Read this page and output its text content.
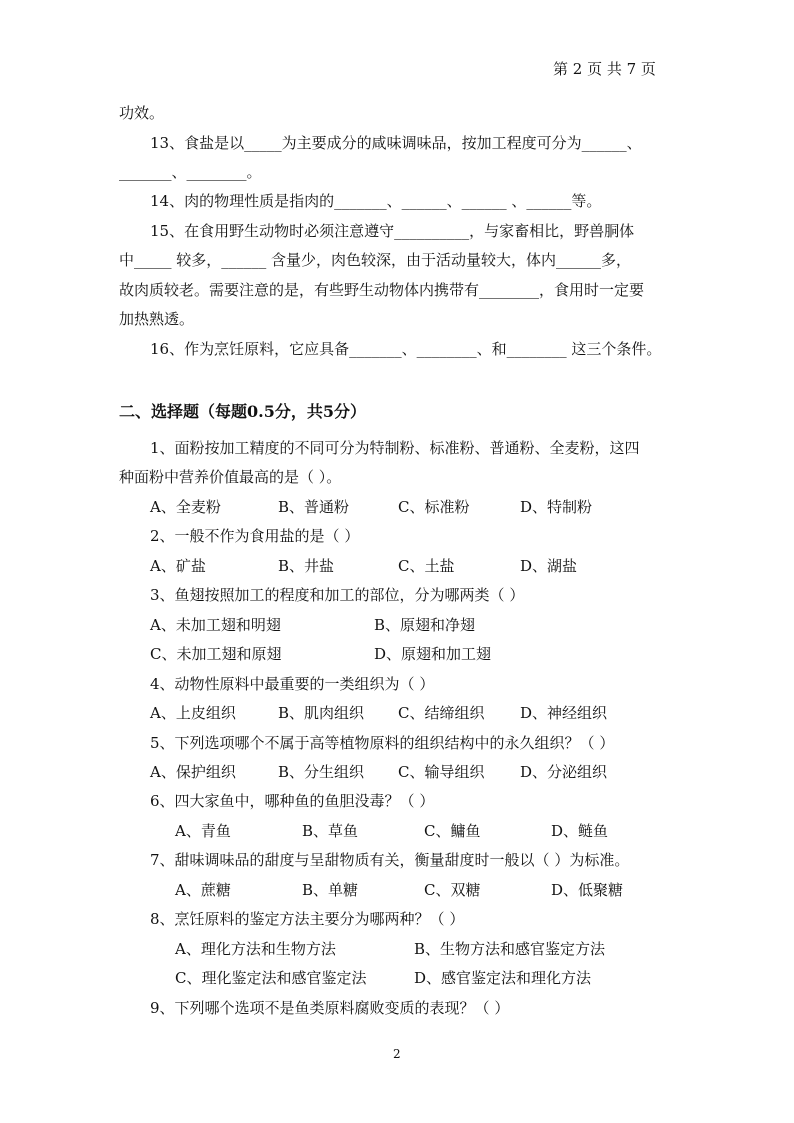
第 2 页 共 7 页
功效。
13、食盐是以_____为主要成分的咸味调味品，按加工程度可分为______、
_______、________。
14、肉的物理性质是指肉的_______、______、______ 、______等。
15、在食用野生动物时必须注意遵守__________，与家畜相比，野兽胴体
中_____ 较多，______ 含量少，肉色较深，由于活动量较大，体内______多，
故肉质较老。需要注意的是，有些野生动物体内携带有________，食用时一定要
加热熟透。
16、作为烹饪原料，它应具备_______、________、和________ 这三个条件。
二、选择题（每题0.5分，共5分）
1、面粉按加工精度的不同可分为特制粉、标准粉、普通粉、全麦粉，这四
种面粉中营养价值最高的是（ ）。
A、全麦粉	B、普通粉	C、标准粉	D、特制粉
2、一般不作为食用盐的是（ ）
A、矿盐	B、井盐	C、土盐	D、湖盐
3、鱼翅按照加工的程度和加工的部位，分为哪两类（ ）
A、未加工翅和明翅	B、原翅和净翅
C、未加工翅和原翅	D、原翅和加工翅
4、动物性原料中最重要的一类组织为（ ）
A、上皮组织	B、肌肉组织 C、结缔组织 D、神经组织
5、下列选项哪个不属于高等植物原料的组织结构中的永久组织？（ ）
A、保护组织	B、分生组织 C、输导组织 D、分泌组织
6、四大家鱼中，哪种鱼的鱼胆没毒？（ ）
A、青鱼	B、草鱼	C、鳙鱼	D、鲢鱼
7、甜味调味品的甜度与呈甜物质有关，衡量甜度时一般以（ ）为标准。
A、蔗糖	B、单糖	C、双糖	D、低聚糖
8、烹饪原料的鉴定方法主要分为哪两种？（ ）
A、理化方法和生物方法	B、生物方法和感官鉴定方法
C、理化鉴定法和感官鉴定法	D、感官鉴定法和理化方法
9、下列哪个选项不是鱼类原料腐败变质的表现？（ ）
2
